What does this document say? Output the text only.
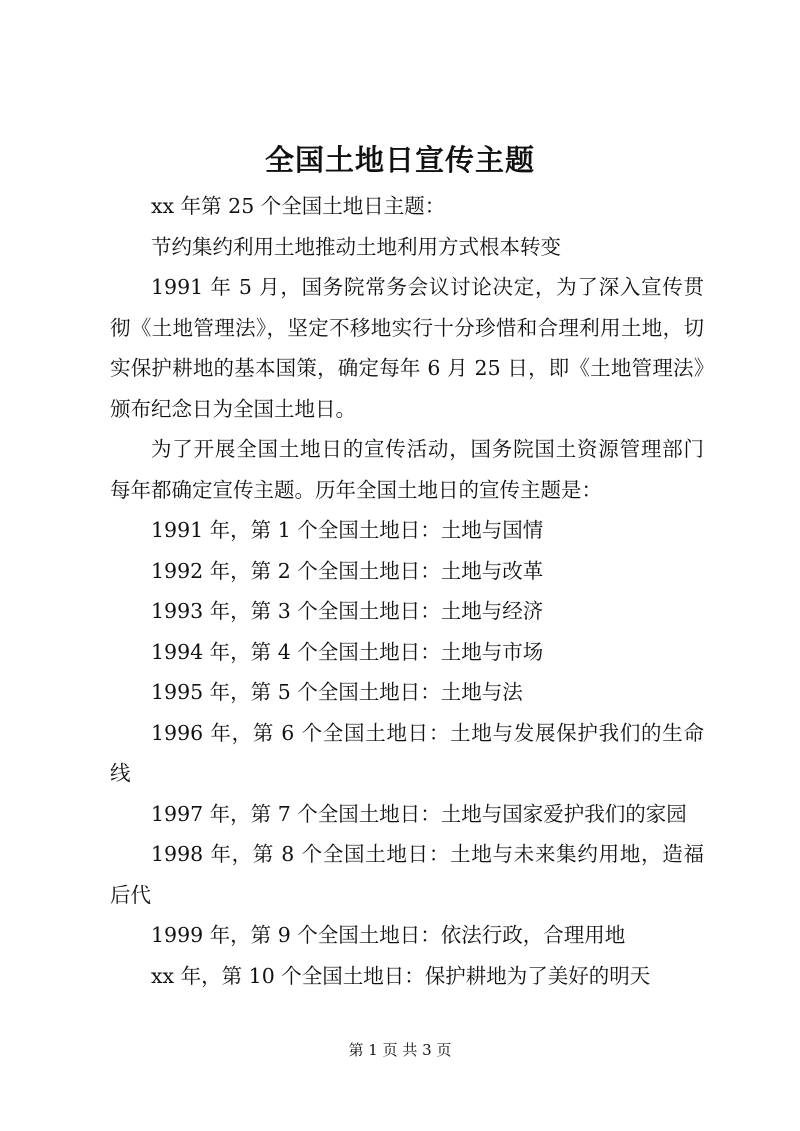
全国土地日宣传主题

xx 年第 25 个全国土地日主题：

节约集约利用土地推动土地利用方式根本转变

1991 年 5 月，国务院常务会议讨论决定，为了深入宣传贯彻《土地管理法》，坚定不移地实行十分珍惜和合理利用土地，切实保护耕地的基本国策，确定每年 6 月 25 日，即《土地管理法》颁布纪念日为全国土地日。

为了开展全国土地日的宣传活动，国务院国土资源管理部门每年都确定宣传主题。历年全国土地日的宣传主题是：

1991 年，第 1 个全国土地日：土地与国情

1992 年，第 2 个全国土地日：土地与改革

1993 年，第 3 个全国土地日：土地与经济

1994 年，第 4 个全国土地日：土地与市场

1995 年，第 5 个全国土地日：土地与法

1996 年，第 6 个全国土地日：土地与发展保护我们的生命线

1997 年，第 7 个全国土地日：土地与国家爱护我们的家园

1998 年，第 8 个全国土地日：土地与未来集约用地，造福后代

1999 年，第 9 个全国土地日：依法行政，合理用地

xx 年，第 10 个全国土地日：保护耕地为了美好的明天

第 1 页 共 3 页
